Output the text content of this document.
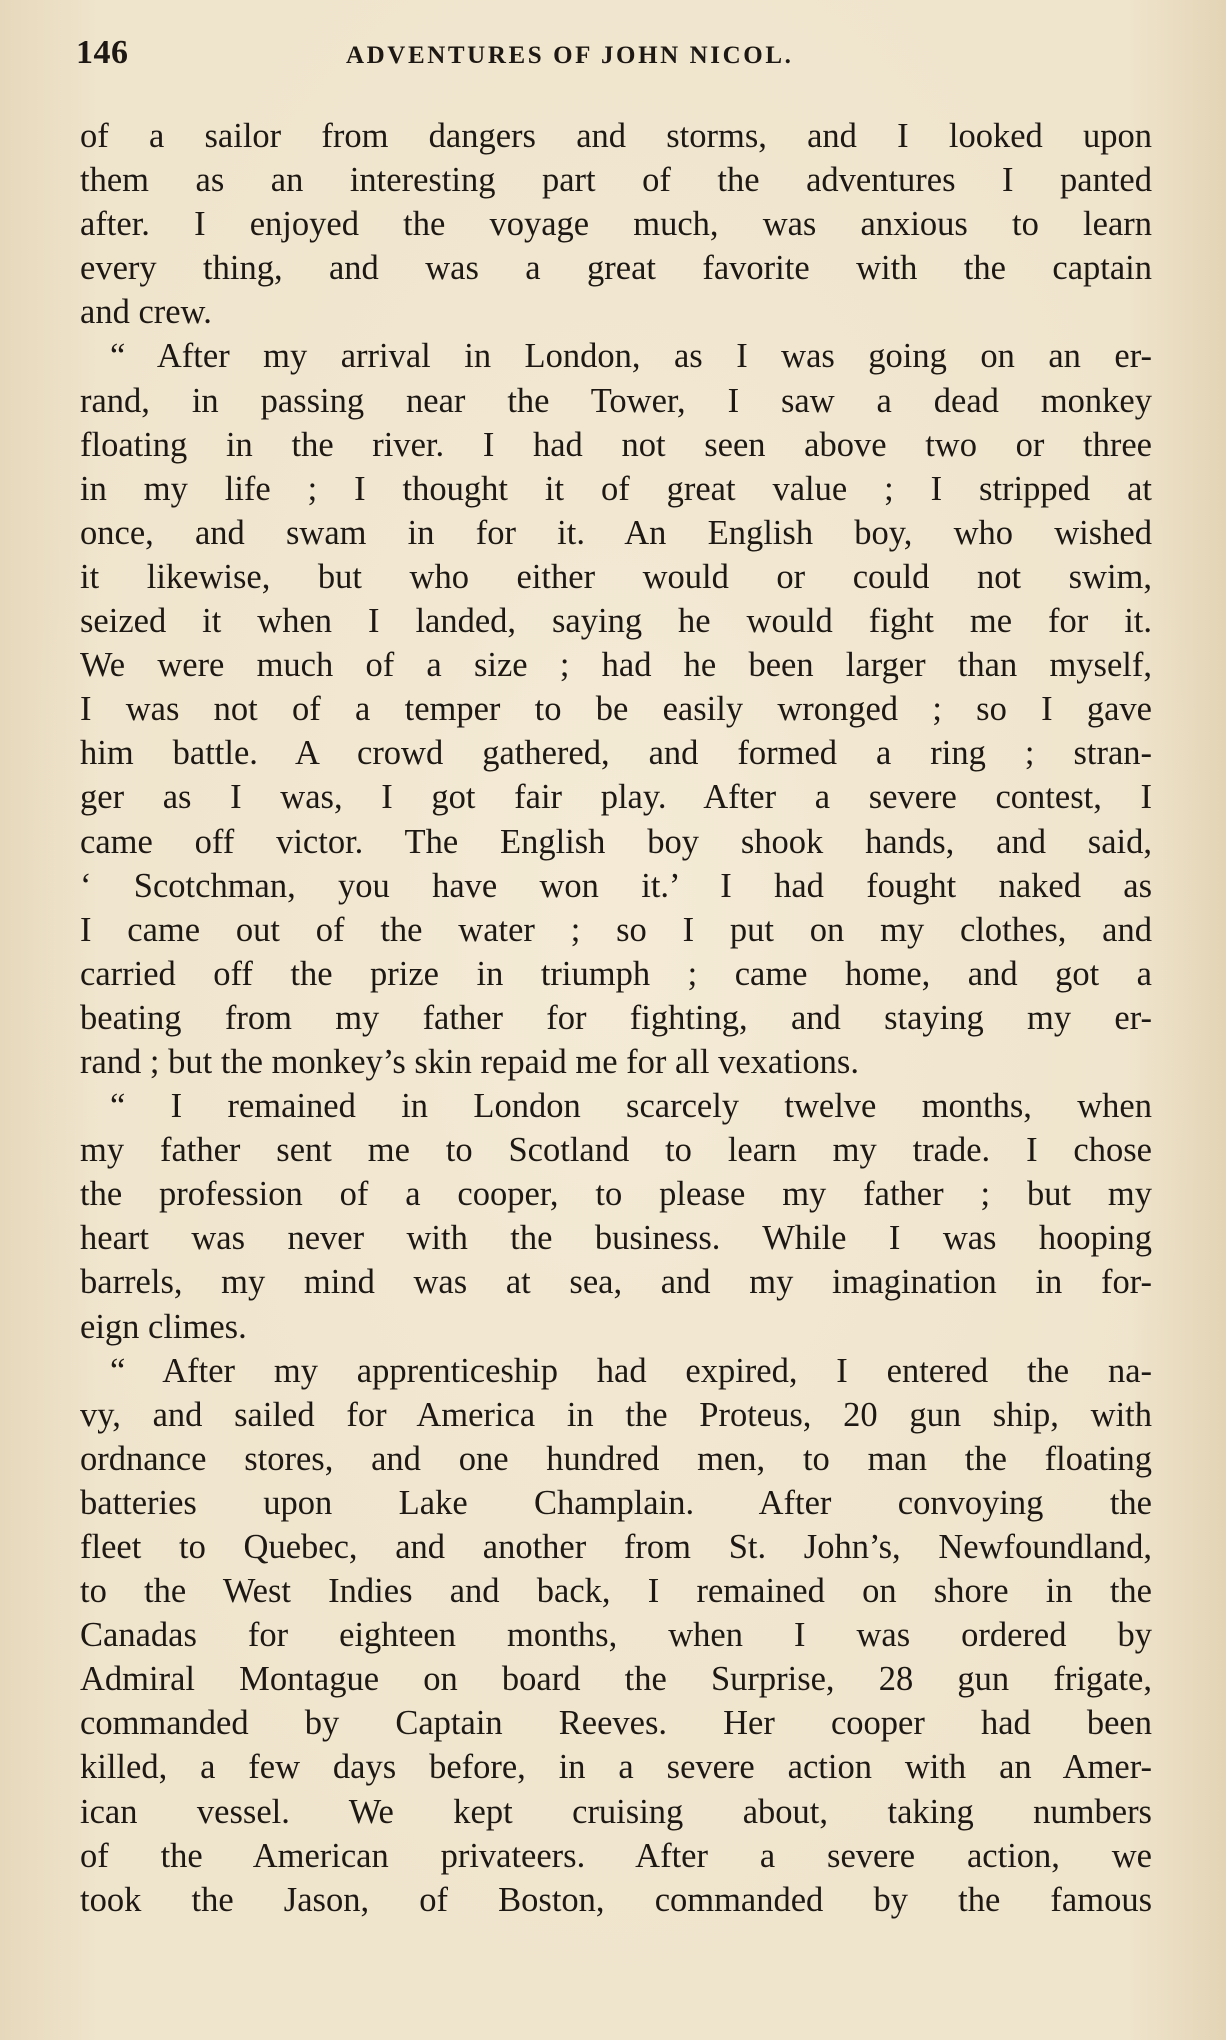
146	ADVENTURES OF JOHN NICOL.
of a sailor from dangers and storms, and I looked upon
them as an interesting part of the adventures I panted
after. I enjoyed the voyage much, was anxious to learn
every thing, and was a great favorite with the captain
and crew.
“ After my arrival in London, as I was going on an er-
rand, in passing near the Tower, I saw a dead monkey
floating in the river. I had not seen above two or three
in my life ; I thought it of great value ; I stripped at
once, and swam in for it. An English boy, who wished
it likewise, but who either would or could not swim,
seized it when I landed, saying he would fight me for it.
We were much of a size ; had he been larger than myself,
I was not of a temper to be easily wronged ; so I gave
him battle. A crowd gathered, and formed a ring ; stran-
ger as I was, I got fair play. After a severe contest, I
came off victor. The English boy shook hands, and said,
‘ Scotchman, you have won it.’ I had fought naked as
I came out of the water ; so I put on my clothes, and
carried off the prize in triumph ; came home, and got a
beating from my father for fighting, and staying my er-
rand ; but the monkey’s skin repaid me for all vexations.
“ I remained in London scarcely twelve months, when
my father sent me to Scotland to learn my trade. I chose
the profession of a cooper, to please my father ; but my
heart was never with the business. While I was hooping
barrels, my mind was at sea, and my imagination in for-
eign climes.
“ After my apprenticeship had expired, I entered the na-
vy, and sailed for America in the Proteus, 20 gun ship, with
ordnance stores, and one hundred men, to man the floating
batteries upon Lake Champlain. After convoying the
fleet to Quebec, and another from St. John’s, Newfoundland,
to the West Indies and back, I remained on shore in the
Canadas for eighteen months, when I was ordered by
Admiral Montague on board the Surprise, 28 gun frigate,
commanded by Captain Reeves. Her cooper had been
killed, a few days before, in a severe action with an Amer-
ican vessel. We kept cruising about, taking numbers
of the American privateers. After a severe action, we
took the Jason, of Boston, commanded by the famous
